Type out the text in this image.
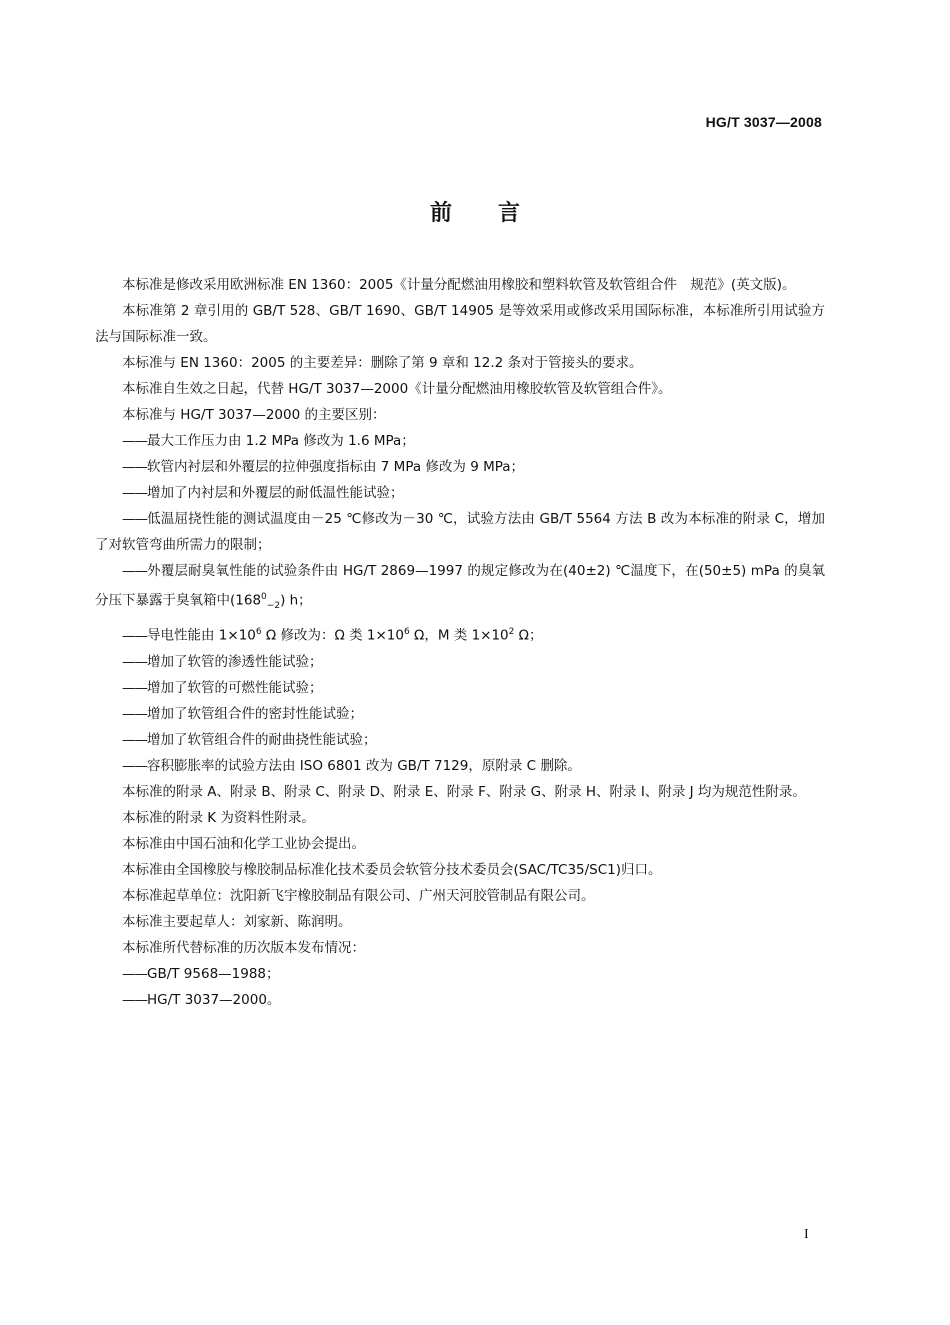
HG/T 3037—2008
前 言
本标准是修改采用欧洲标准 EN 1360：2005《计量分配燃油用橡胶和塑料软管及软管组合件　规范》(英文版)。
本标准第 2 章引用的 GB/T 528、GB/T 1690、GB/T 14905 是等效采用或修改采用国际标准，本标准所引用试验方法与国际标准一致。
本标准与 EN 1360：2005 的主要差异：删除了第 9 章和 12.2 条对于管接头的要求。
本标准自生效之日起，代替 HG/T 3037—2000《计量分配燃油用橡胶软管及软管组合件》。
本标准与 HG/T 3037—2000 的主要区别：
—— 最大工作压力由 1.2 MPa 修改为 1.6 MPa；
—— 软管内衬层和外覆层的拉伸强度指标由 7 MPa 修改为 9 MPa；
—— 增加了内衬层和外覆层的耐低温性能试验；
—— 低温屈挠性能的测试温度由－25 ℃修改为－30 ℃，试验方法由 GB/T 5564 方法 B 改为本标准的附录 C，增加了对软管弯曲所需力的限制；
—— 外覆层耐臭氧性能的试验条件由 HG/T 2869—1997 的规定修改为在(40±2) ℃温度下，在(50±5) mPa 的臭氧分压下暴露于臭氧箱中$(168^0_{-2})$ h；
—— 导电性能由 $1\times 10^6$ Ω 修改为：Ω 类 $1\times 10^6$ Ω，M 类 $1\times 10^2$ Ω；
—— 增加了软管的渗透性能试验；
—— 增加了软管的可燃性能试验；
—— 增加了软管组合件的密封性能试验；
—— 增加了软管组合件的耐曲挠性能试验；
—— 容积膨胀率的试验方法由 ISO 6801 改为 GB/T 7129，原附录 C 删除。
本标准的附录 A、附录 B、附录 C、附录 D、附录 E、附录 F、附录 G、附录 H、附录 I、附录 J 均为规范性附录。
本标准的附录 K 为资料性附录。
本标准由中国石油和化学工业协会提出。
本标准由全国橡胶与橡胶制品标准化技术委员会软管分技术委员会(SAC/TC35/SC1)归口。
本标准起草单位：沈阳新飞宇橡胶制品有限公司、广州天河胶管制品有限公司。
本标准主要起草人：刘家新、陈润明。
本标准所代替标准的历次版本发布情况：
—— GB/T 9568—1988；
—— HG/T 3037—2000。
I
